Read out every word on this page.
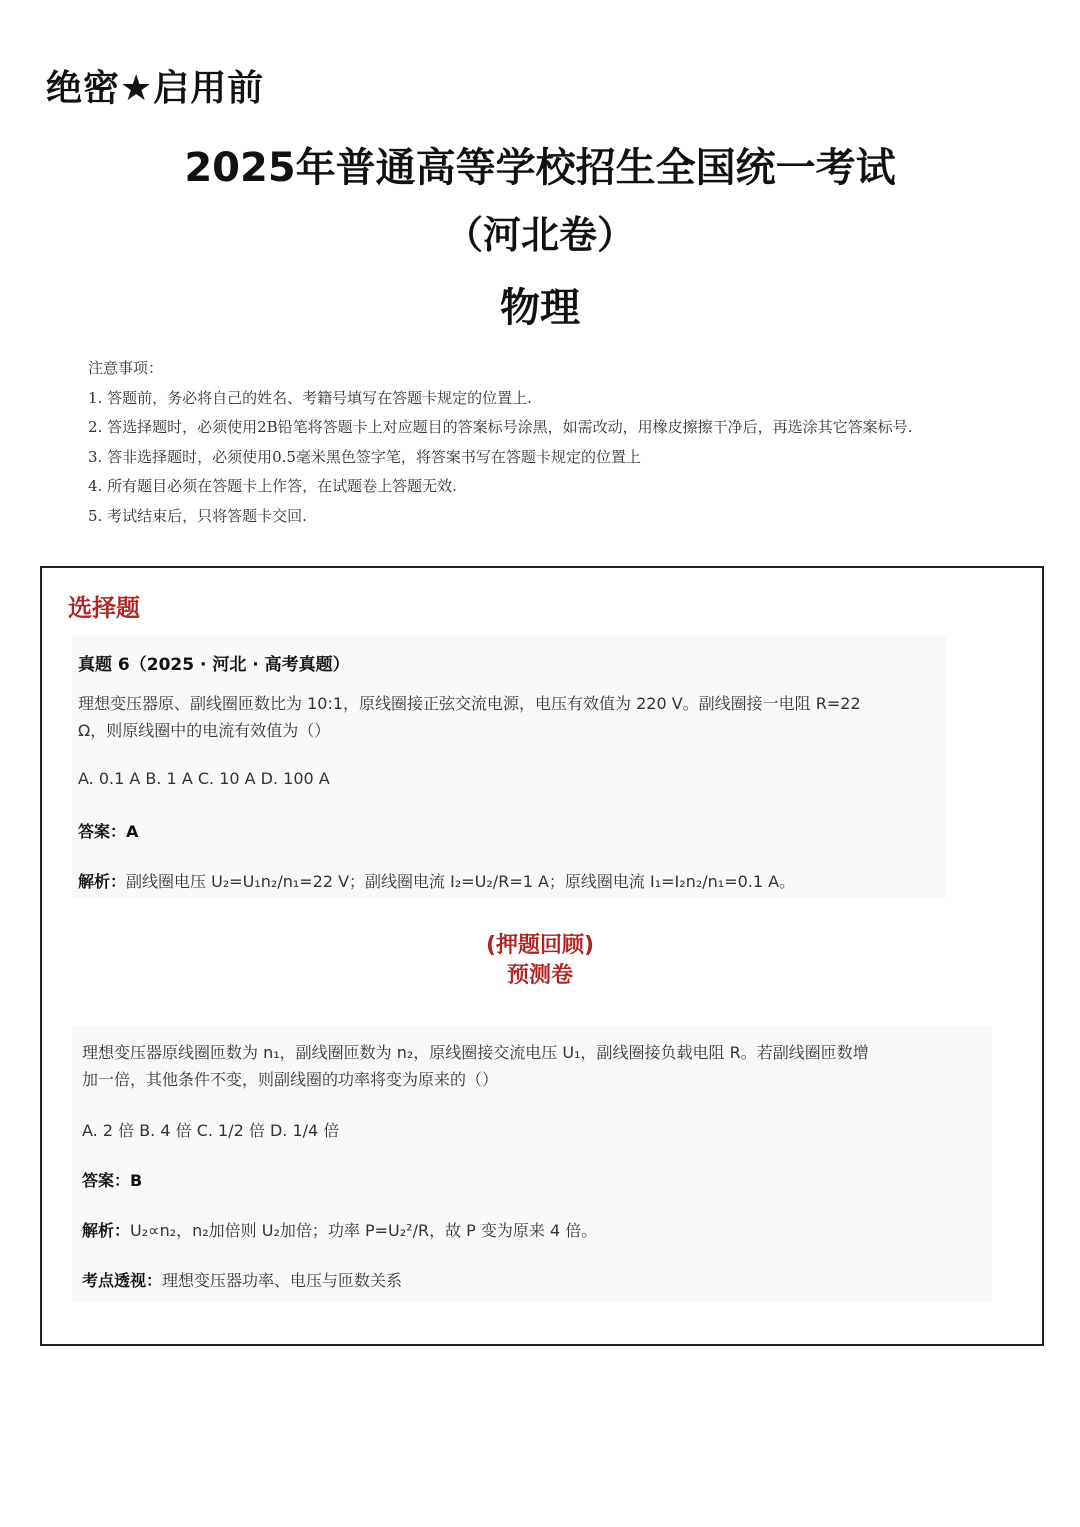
绝密★启用前
2025年普通高等学校招生全国统一考试
（河北卷）
物理
注意事项：
1. 答题前，务必将自己的姓名、考籍号填写在答题卡规定的位置上.
2. 答选择题时，必须使用2B铅笔将答题卡上对应题目的答案标号涂黑，如需改动，用橡皮擦擦干净后，再选涂其它答案标号.
3. 答非选择题时，必须使用0.5毫米黑色签字笔，将答案书写在答题卡规定的位置上
4. 所有题目必须在答题卡上作答，在试题卷上答题无效.
5. 考试结束后，只将答题卡交回.
选择题
真题 6（2025 · 河北 · 高考真题）
理想变压器原、副线圈匝数比为 10:1，原线圈接正弦交流电源，电压有效值为 220 V。副线圈接一电阻 R=22
Ω，则原线圈中的电流有效值为（）
A. 0.1 A B. 1 A C. 10 A D. 100 A
答案：A
解析：副线圈电压 U₂=U₁n₂/n₁=22 V；副线圈电流 I₂=U₂/R=1 A；原线圈电流 I₁=I₂n₂/n₁=0.1 A。
(押题回顾)
预测卷
理想变压器原线圈匝数为 n₁，副线圈匝数为 n₂，原线圈接交流电压 U₁，副线圈接负载电阻 R。若副线圈匝数增
加一倍，其他条件不变，则副线圈的功率将变为原来的（）
A. 2 倍 B. 4 倍 C. 1/2 倍 D. 1/4 倍
答案：B
解析：U₂∝n₂，n₂加倍则 U₂加倍；功率 P=U₂²/R，故 P 变为原来 4 倍。
考点透视：理想变压器功率、电压与匝数关系
